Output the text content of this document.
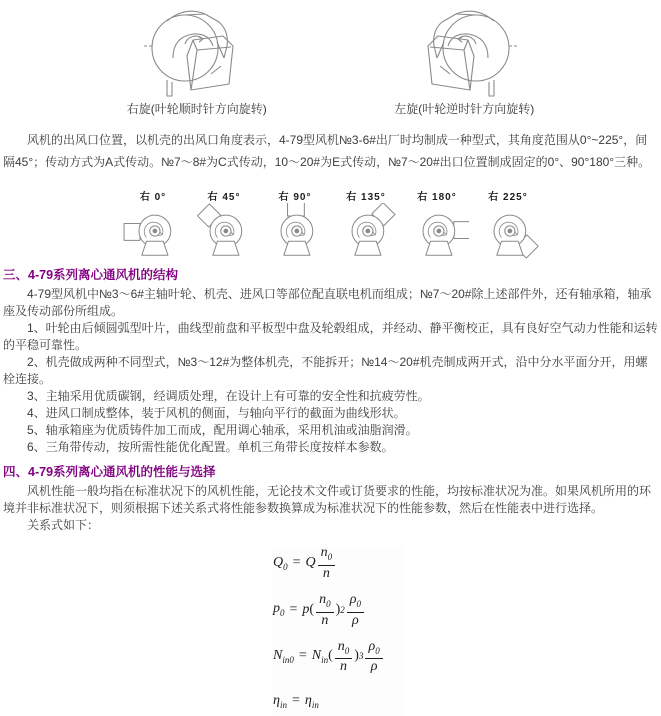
右旋(叶轮顺时针方向旋转)	左旋(叶轮逆时针方向旋转)

风机的出风口位置，以机壳的出风口角度表示，4-79型风机№3-6#出厂时均制成一种型式，其角度范围从0°~225°，间隔45°；传动方式为A式传动。№7～8#为C式传动，10～20#为E式传动，№7～20#出口位置制成固定的0°、90°180°三种。

右 0°	右 45°	右 90°	右 135°	右 180°	右 225°
三、4-79系列离心通风机的结构

4-79型风机中№3～6#主轴叶轮、机壳、进风口等部位配直联电机而组成；№7～20#除上述部件外，还有轴承箱，轴承座及传动部份所组成。

1、叶轮由后倾圆弧型叶片，曲线型前盘和平板型中盘及轮毂组成，并经动、静平衡校正，具有良好空气动力性能和运转的平稳可靠性。

2、机壳做成两种不同型式，№3～12#为整体机壳，不能拆开；№14～20#机壳制成两开式，沿中分水平面分开，用螺栓连接。

3、主轴采用优质碳钢，经调质处理，在设计上有可靠的安全性和抗疲劳性。

4、进风口制成整体，装于风机的侧面，与轴向平行的截面为曲线形状。

5、轴承箱座为优质铸件加工而成，配用调心轴承，采用机油或油脂润滑。

6、三角带传动，按所需性能优化配置。单机三角带长度按样本参数。

四、4-79系列离心通风机的性能与选择

风机性能一般均指在标准状况下的风机性能，无论技术文件或订货要求的性能，均按标准状况为准。如果风机所用的环境并非标准状况下，则须根据下述关系式将性能参数换算成为标准状况下的性能参数，然后在性能表中进行选择。

关系式如下：

$Q_0 = Q \frac{n_0}{n}$
$p_0 = p$ ( $\frac{n_0}{n}$ ) $2 \frac{\rho_0}{\rho}$
$N_{in0} = N_{in}$ ( $\frac{n_0}{n}$ ) $3 \frac{\rho_0}{\rho}$
$\eta_{in} = \eta_{in}$
